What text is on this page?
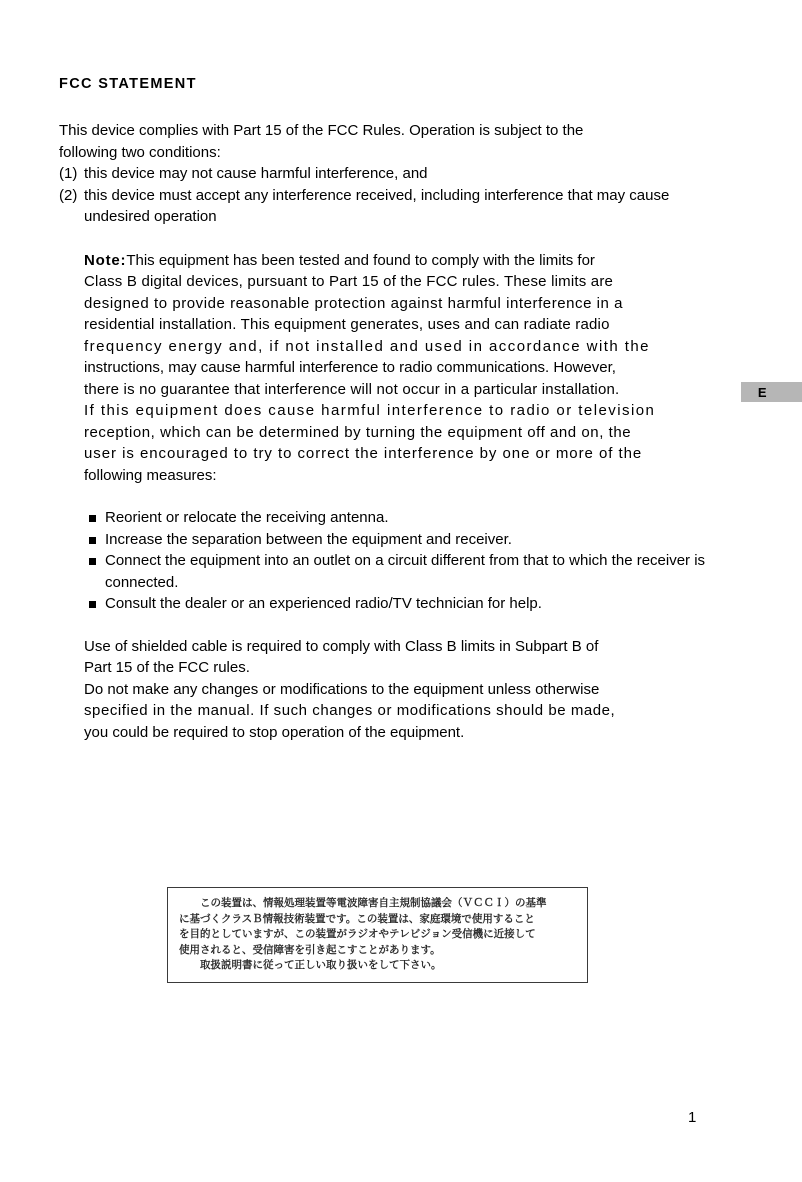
E
FCC STATEMENT

This device complies with Part 15 of the FCC Rules. Operation is subject to the
following two conditions:

(1) this device may not cause harmful interference, and

(2) this device must accept any interference received, including interference that may cause undesired operation

Note:This equipment has been tested and found to comply with the limits for
Class B digital devices, pursuant to Part 15 of the FCC rules. These limits are
designed to provide reasonable protection against harmful interference in a
residential installation. This equipment generates, uses and can radiate radio
frequency energy and, if not installed and used in accordance with the
instructions, may cause harmful interference to radio communications. However,
there is no guarantee that interference will not occur in a particular installation.
If this equipment does cause harmful interference to radio or television
reception, which can be determined by turning the equipment off and on, the
user is encouraged to try to correct the interference by one or more of the
following measures:

Reorient or relocate the receiving antenna.

Increase the separation between the equipment and receiver.

Connect the equipment into an outlet on a circuit different from that to which the receiver is connected.

Consult the dealer or an experienced radio/TV technician for help.

Use of shielded cable is required to comply with Class B limits in Subpart B of
Part 15 of the FCC rules.

Do not make any changes or modifications to the equipment unless otherwise
specified in the manual. If such changes or modifications should be made,
you could be required to stop operation of the equipment.

この装置は、情報処理装置等電波障害自主規制協議会（ＶＣＣＩ）の基準
に基づくクラスＢ情報技術装置です。この装置は、家庭環境で使用すること
を目的としていますが、この装置がラジオやテレビジョン受信機に近接して
使用されると、受信障害を引き起こすことがあります。
取扱説明書に従って正しい取り扱いをして下さい。
1
